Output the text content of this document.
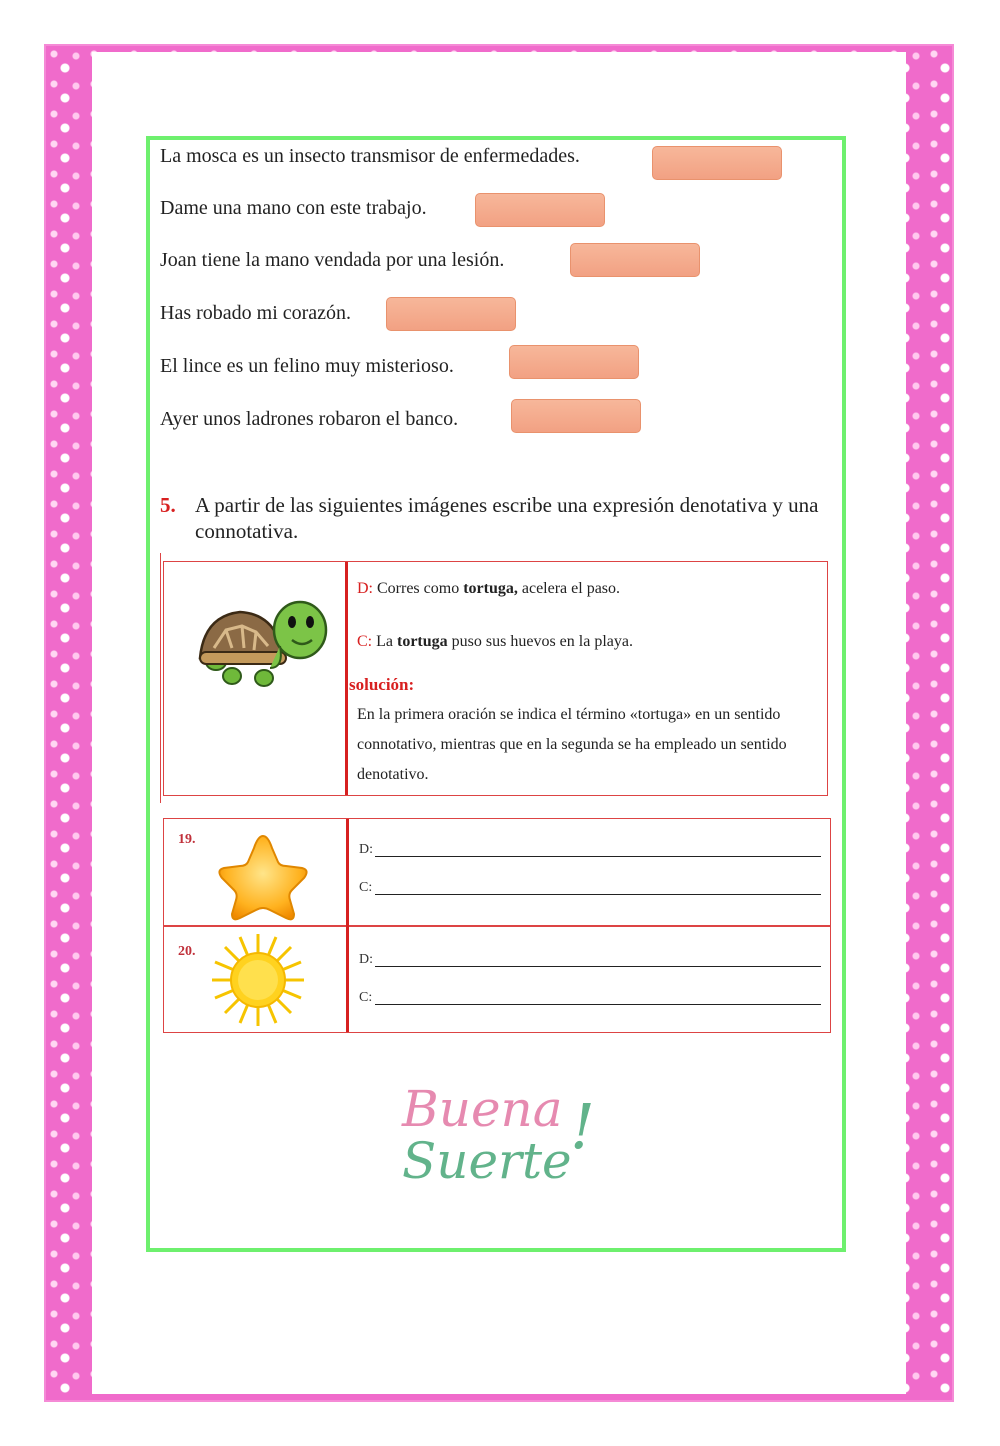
La mosca es un insecto transmisor de enfermedades.
Dame una mano con este trabajo.
Joan tiene la mano vendada por una lesión.
Has robado mi corazón.
El lince es un felino muy misterioso.
Ayer unos ladrones robaron el banco.
5. A partir de las siguientes imágenes escribe una expresión denotativa y una connotativa.
D: Corres como tortuga, acelera el paso.
C: La tortuga puso sus huevos en la playa.
solución:
En la primera oración se indica el término «tortuga» en un sentido connotativo, mientras que en la segunda se ha empleado un sentido denotativo.
19.
D:
C:
20.
D:
C:
Buena
Suerte
!
